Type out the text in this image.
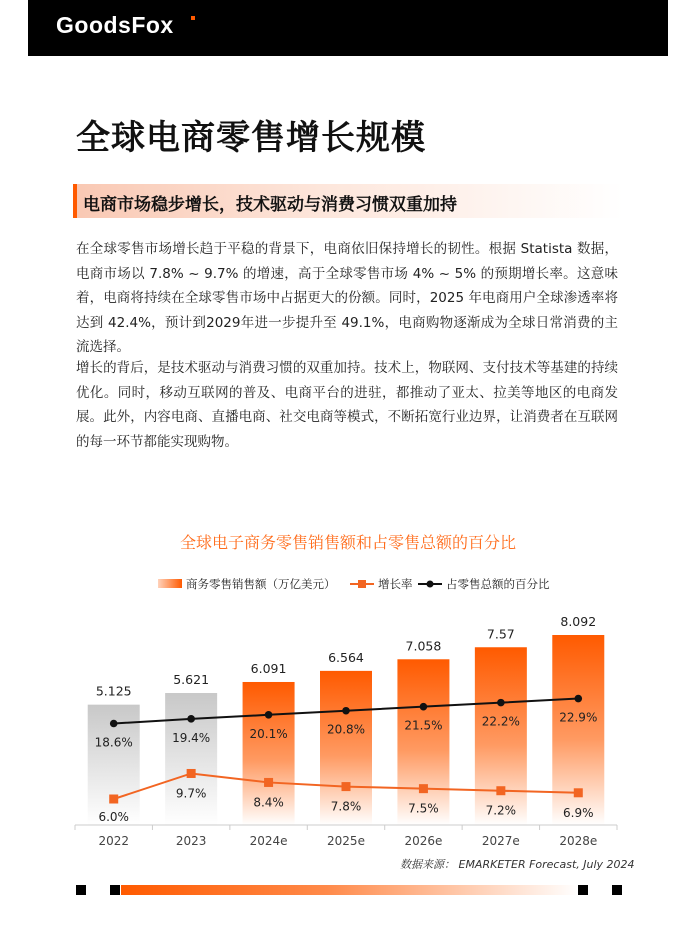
GoodsFox
全球电商零售增长规模
电商市场稳步增长，技术驱动与消费习惯双重加持
在全球零售市场增长趋于平稳的背景下，电商依旧保持增长的韧性。根据 Statista 数据，电商市场以 7.8% ~ 9.7% 的增速，高于全球零售市场 4% ~ 5% 的预期增长率。这意味着，电商将持续在全球零售市场中占据更大的份额。同时，2025 年电商用户全球渗透率将达到 42.4%，预计到2029年进一步提升至 49.1%，电商购物逐渐成为全球日常消费的主流选择。
增长的背后，是技术驱动与消费习惯的双重加持。技术上，物联网、支付技术等基建的持续优化。同时，移动互联网的普及、电商平台的进驻，都推动了亚太、拉美等地区的电商发展。此外，内容电商、直播电商、社交电商等模式，不断拓宽行业边界，让消费者在互联网的每一环节都能实现购物。
全球电子商务零售销售额和占零售总额的百分比
商务零售销售额（万亿美元）	增长率	占零售总额的百分比
5.125
5.621
6.091
6.564
7.058
7.57
8.092
2022	2023	2024e	2025e	2026e	2027e	2028e
18.6%	19.4%	20.1%	20.8%	21.5%	22.2%	22.9%
6.0%
9.7%
8.4%	7.8%	7.5%	7.2%	6.9%
数据来源： EMARKETER Forecast, July 2024
